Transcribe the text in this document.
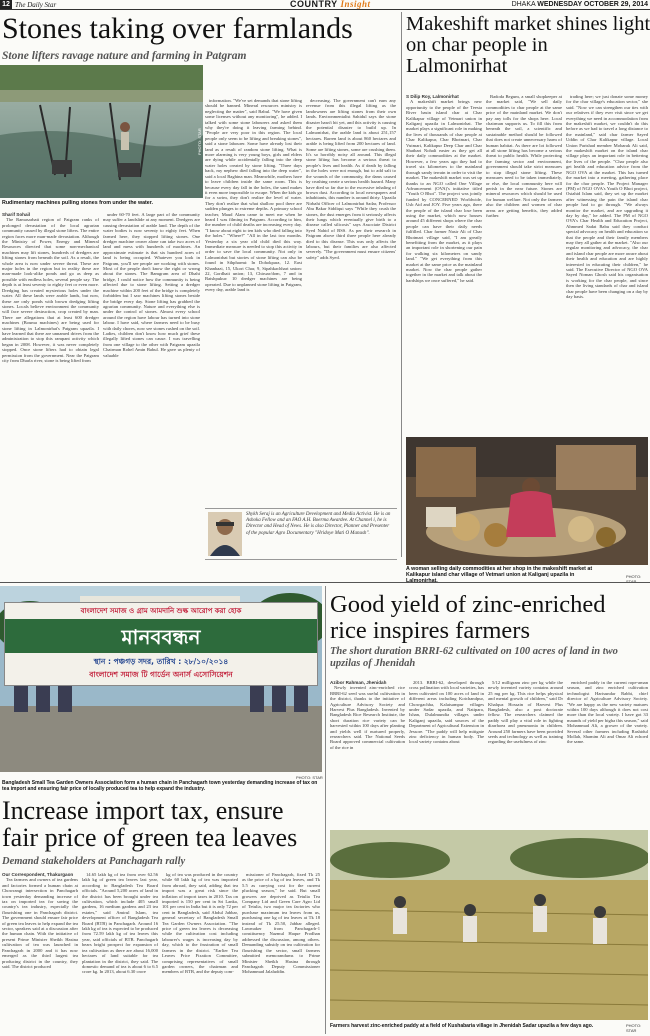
12 The Daily Star	COUNTRY Insight	DHAKA WEDNESDAY OCTOBER 29, 2014
Stones taking over farmlands
Stone lifters ravage nature and farming in Patgram
PHOTO: STAR
Rudimentary machines pulling stones from under the water.

Sharif Sohail

The Ramasarhati region of Patgram ranks of prolonged devastation of the local agrarian community caused by illegal stone lifters. The entire region faces more man-made devastation. Although the Ministry of Power, Energy and Mineral Resources directed that some non-mechanical machines may lift stones, hundreds of dredgers are lifting stones from beneath the soil. As a result, the whole area is now under severe threat. These are major holes in the region but in reality these are man-made look-alike ponds and go as deep as possible with endless holes, several people say. The depth is at least seventy to eighty feet or even more. Dredging has created mysterious holes under the water. All these lands were arable lands, but now, these are only ponds with brown dredging lifting stones. Locals believe environment the community will face severe destruction, crop created by man. There are allegations that at least 600 dredger machines (Bouma machines) are being used for stone lifting in Lalmonirhat's Patgram upazila. I have learned that there are unnamed drives from the administration to stop this rampant activity which began in 2008. However, it was never completely stopped. Once stone lifters had to obtain legal permission from the government. Near the Patgram city from Dharla river, stone is being lifted from

under 60-70 feet. A large part of the community may suffer a landslide at any moment. Dredgers are causing devastation of arable land. The depth of the water bodies is now seventy to eighty feet. When farmed here, they stopped lifting stones. One dredger machine owner alone can take two acres of land and mess with hundreds of machines. An approximate estimate is that six hundred acres of land is being occupied. Whatever you look in Patgram, you'll see people are working with stones. Most of the people don't know the right or wrong about the stones. The Bamgram area of Dhahi bridge, I could notice how the community is being affected due to stone lifting. Setting a dredger machine within 200 feet of the bridge is completely forbidden but I saw machines lifting stones beside the bridge every day. Stone lifting has grabbed the agrarian community. Nature and everything else is under the control of stones. Almost every school around the region have labour has turned into stone labour. I have said, where farmers need to be busy with daily chores, now see stones rushed on the soil. Ladies, children don't know how much grief these illegally lifted stones can cause. I was travelling from one village to the other with Patgram upazila Chairman Rohel Amin Babul. He gave us plenty of valuable

information. "We've set demands that stone lifting should be banned. Mineral resources ministry is neglecting the matter", said Babul. "We have given some licenses without any monitoring", he added. I talked with some stone labourers and asked them why they're doing it leaving farming behind. "People are very poor in this region. The local people only seem to be lifting and breaking stones", said a stone labourer. Some have already lost their land as a result of random stone lifting. What is more alarming is very young boys, girls and elders are dying while accidentally falling into the deep water holes created by stone lifting. "Three days back, my nephew died falling into the deep water", said a local Baghina man. Meanwhile, mothers have to leave children inside the same room. This is because every day fall in the holes, the sand makes it even more impossible to escape. When the kids go for a swim, they don't realize the level of water. They don't realize that what shallow pool there are sudden plunges to extreme depths. A primary school teacher, Maud Alam came to meet me when he heard I was filming in Patgram. According to him, the number of child deaths are increasing every day. "I know about eight to ten kids who died falling into the holes." "Where?" "All in the last two months. Yesterday a six year old child died this way. Immediate measure is needed to stop this activity in order to save the local community. Not only in Lalmonirhat but stories of stone lifting can also be found in Sihpharmi: In Dohokpara, 12. East Khanbazi, 15, Ukori Char, 9, Sipahkachhari union: 22, Gordhaii union; 13, Chiruar/dom, 7 and in Baishpukur: 10 dredger machines are being operated. Due to unplanned stone lifting in Patgram, every day, arable land is

decreasing. The government can't earn any revenue from this illegal lifting as the landowners are lifting stones from their own lands. Environmentalist Sahidul says the stone disaster hasn't hit yet, and this activity is causing the potential disaster to build up. In Lalmonirhat, the arable land is about 251,157 hectares. Barren land is about 860 hectares and arable is being lifted from 200 hectares of land. Some are lifting stones, some are crushing them. It's so horribly noisy all around. This illegal stone lifting has become a serious threat to people's lives and health. As if death by falling in the holes were not enough, but to add salt to the wounds of the community, the dams caused by crushing create a serious health hazard. Many have died so far due to the excessive inhaling of brown dust. According to local newspapers and inhabitants, this number is around thirty. Upazila Nirbahi Officer of Lalmonirhat Sadar, Professor Abu Bakar Siddiqui says "While they crush the stones, the dust emerges from it seriously affects their lungs which eventually give birth to a disease called silicosis" says Associate District Syed Nahid of BSS. As per their research in Patgram above third three people here already died to this disease. This was only affects the labours, but their families are also affected severely. "The government must ensure citizens' safety" adds Syed.

Shykh Seraj is an Agriculture Development and Media Activist. He is an Ashoka Fellow and an FAO A.H. Boerma Awardee. At Channel i, he is Director and Head of News. He is also Director, Planner and Presenter of the popular Agro Documentary "Hridoye Mati O Manush".
Makeshift market shines light on char people in Lalmonirhat

S Dilip Roy, Lalmonirhat

A makeshift market brings new opportunity to the people of the Teesta River basin island char at Char Kalikapur village of Vetmari union in Kaliganj upazila in Lalmonirhat. The market plays a significant role in making the lives of thousands of char people at Char Kalikapur, Char Bhotmari, Char Vutmari, Kalikapur Deep Char and Char Shatbari Nohali easier as they get all their daily commodities at the market. However, a few years ago they had to travel six kilometres to the mainland through sandy terrain in order to visit the market. The makeshift market was set up thanks to an NGO called One Village Advancement (OVA)'s initiative titled "Youth O Bhoi". The project was jointly funded by CONCERNED Worldwide, Usb Aid and JOY. Five years ago, there the people of the island char lose been using the market, which now houses around 45 different shops where the char people can have their daily needs fulfilled. Char farmer Nasir Ali of Char Bhotmari village said, "I am greatly benefitting from the market, as it plays an important role in shortening our pain for walking six kilometres on sandy land." "We get everything from this market at the same price as the mainland market. Now the char people gather together in the market and talk about the hardships we once suffered," he said.

Badoda Begum, a small shopkeeper at the market said, "We sell daily commodities to char people at the same price of the mainland market. We don't pay any tolls for the shops here. Local chairman supports us. To fill this from beneath the soil, a scientific and sustainable method should be followed that does not create unnecessary harm of human habitat. As there are lot followed at all stone lifting has become a serious threat to public health. While protecting the farming sector and environment, government should take strict measures to stop illegal stone lifting. These measures need to be taken immediately, or else, the local community here will perish in the near future. Stones are mineral resources which should be used for human welfare. Not only the farmers also the children and women of char areas are getting benefits, they added further.

trading here; we just donate some money for the char village's education sector," she said. "Now we can strengthen our ties with our relatives if they ever visit since we get everything we need in accommodation from the makeshift market, we couldn't do this before as we had to travel a long distance to the mainland," said char farmer Sayed Uddin of Char Kalikapur village. Local Union Parishad member Mobarak Ali said, the makeshift market on the island char village plays an important role in bettering the lives of the people. "Char people also get health and education advice from the NGO OVA at the market. This has turned the market into a meeting, gathering place for the char people. The Project Manager (PM) of NGO OVA's Youth O Bhoi project, Ostahid Islam said, they set up the market after witnessing the pain the island char people had to go through. "We always monitor the market, and are upgrading it day by day," he added. The PM of NGO OVA's Char Health and Education Project, Ahmmed Sadat Babu said they conduct special advocacy on health and education so that the people and their family members may they all gather at the market. "Also our regular monitoring and advocacy, the char and island char people are more aware about their health and education and are highly interested in educating their children," he said. The Executive Director of NGO OVA Sayed Noman Ghosh said his organisation is working for the char people, and since then the living standards of char and island char people have been changing on a day by day basis.

A woman selling daily commodities at her shop in the makeshift market at Kalikapur island char village of Vetmari union at Kaliganj upazila in	PHOTO:
বাংলাদেশ সমাজ ও গ্রাম আমদানি শুল্ক আরোপ করা হোক
মানববন্ধন
স্থান : পঞ্চগড় সদর, তারিখ : ২৮/১০/২০১৪
বাংলাদেশ সমাজ টি গার্ডেন অনার্স এসোসিয়েশন
PHOTO: STAR
Bangladesh Small Tea Garden Owners Association form a human chain in Panchagarh town yesterday demanding increase of tax on tea import and ensuring fair price of locally produced tea to help expand the industry.
Increase import tax, ensure fair price of green tea leaves
Demand stakeholders at Panchagarh rally

Our Correspondent, Thakurgaon

Tea farmers and owners of tea gardens and factories formed a human chain at Chowrangi intersection in Panchagarh town yesterday demanding increase of tax on imported tea for saving the country's tea industry, especially the flourishing one in Panchagarh district. The government should ensure fair price of green tea leaves to help expand the tea sector, speakers said at a discussion after the human chain. With the initiative of present Prime Minister Sheikh Hasina cultivation of tea was launched in Panchagarh in 2000 and it has now emerged as the third largest tea producing district in the country, they said. The district produced

14.65 lakh kg of tea from over 62.56 lakh kg of green tea leaves last year, according to Bangladesh Tea Board officials. "Around 5,200 acres of land in the district has been brought under tea cultivation, which include 405 small gardens, 16 medium gardens and 23 tea estates," said Amirul Islam, tea development officer of Bangladesh Tea Board (BTB) in Panchagarh. Around 16 lakh kg of tea is expected to be produced from 72.59 lakh kg of tea leaves this year, said officials of BTB. Panchagarh bears bright prospect for expansion of tea cultivation as there are about 16,000 hectares of land suitable for tea plantation in the district, they said. The domestic demand of tea is about 6 to 6.5 crore kg. In 2013, about 6.30 crore

kg of tea was produced in the country while 60 lakh kg of tea was imported from abroad, they said, adding that tea import was a great risk since the inflation of import taxes in 2010. Tax on imported is 150 per cent in Sri Lanka, 101 per cent in India but it is only 72 per cent in Bangladesh, said Abdul Jabbar, general secretary of Bangladesh Small Tea Garden Owners Association. "The price of green tea leaves is decreasing while the cultivation cost including labourer's wages is increasing day by day, which to the frustration of small farmers in the district. "Earlier Tea Leaves Price Fixation Committee, comprising representatives of small garden owners, the chairman and members of BTB, and the deputy com-

missioner of Panchagarh, fixed Tk 25 as the price of a kg of tea leaves, and Tk 5.5 as carrying cost for the current plucking season," he said. But small growers are deprived as Tetulia Tea Company Ltd and Green Care Agro Ltd of Tetulia, two major tea factories who purchase maximum tea leaves from us, purchasing one kg of tea leaves at Tk 18 instead of Tk 25.50, Jabbar alleged. Lawmaker from Panchagarh-1 constituency Nazmul Haque Prodhan addressed the discussion, among others. Demanding subsidy on tea cultivation for flourishing the sector, small farmers submitted memorandums to Prime Minister Sheikh Hasina through Panchagarh Deputy Commissioner Mohammad Jalaluddin.

Good yield of zinc-enriched rice inspires farmers
The short duration BRRI-62 cultivated on 100 acres of land in two upzilas of Jhenidah

Azibor Rahman, Jhenidah

Newly invented zinc-enriched rice BRRI-62 seed was useful cultivation in the district, thanks to the initiative of Agriculture Advisory Society and Harvest Plus Bangladesh. Invented by Bangladesh Rice Research Institute, the short duration rice variety can be harvested within 100 days after planting and yields well if nurtured properly, researchers said. The National Seeds Board approved commercial cultivation of the rice in

2013. BRRI-62, developed through cross pollination with local varieties, has been cultivated on 100 acres of land in different areas including Kotchandpur, Chowgachha, Kalaisampur villages under Sadar upazila, and Natipara, Ishan, Dulalmundia villages under Kaliganj upazila, said sources of the Department of Agricultural Extension in Jessore. "The paddy will help mitigate zinc deficiency in human body. The local variety contains about

5/12 milligram zinc per kg while the newly invented variety contains around 25 mg per kg. This rice helps physical and mental growth of children," said Dr Khalquz Hossain of Harvest Plus Bangladesh, also a post doctorate fellow. The researchers claimed the paddy will play a vital role in fighting diarrhoea and pneumonia in children. Around 250 farmers have been provided seeds and technology as well as training regarding the usefulness of zinc

enriched paddy in the current rope-aman season, and zinc enriched cultivation technologist Harisundar Rabbi, chief director of Agriculture Advisory Society. "We are happy as the new variety matures within 100 days although it does not cost more than the local variety. I have got 33 maunds of yield per bigha this season," said Mohammad Ali, a grower of the variety. Several other farmers including Rashidul Mollah, Shamim Ali and Omar Ali echoed the same.

Farmers harvest zinc-enriched paddy at a field of Kushabaria village in Jhenidah Sadar upazila a few days ago.	PHOTO: STAR
